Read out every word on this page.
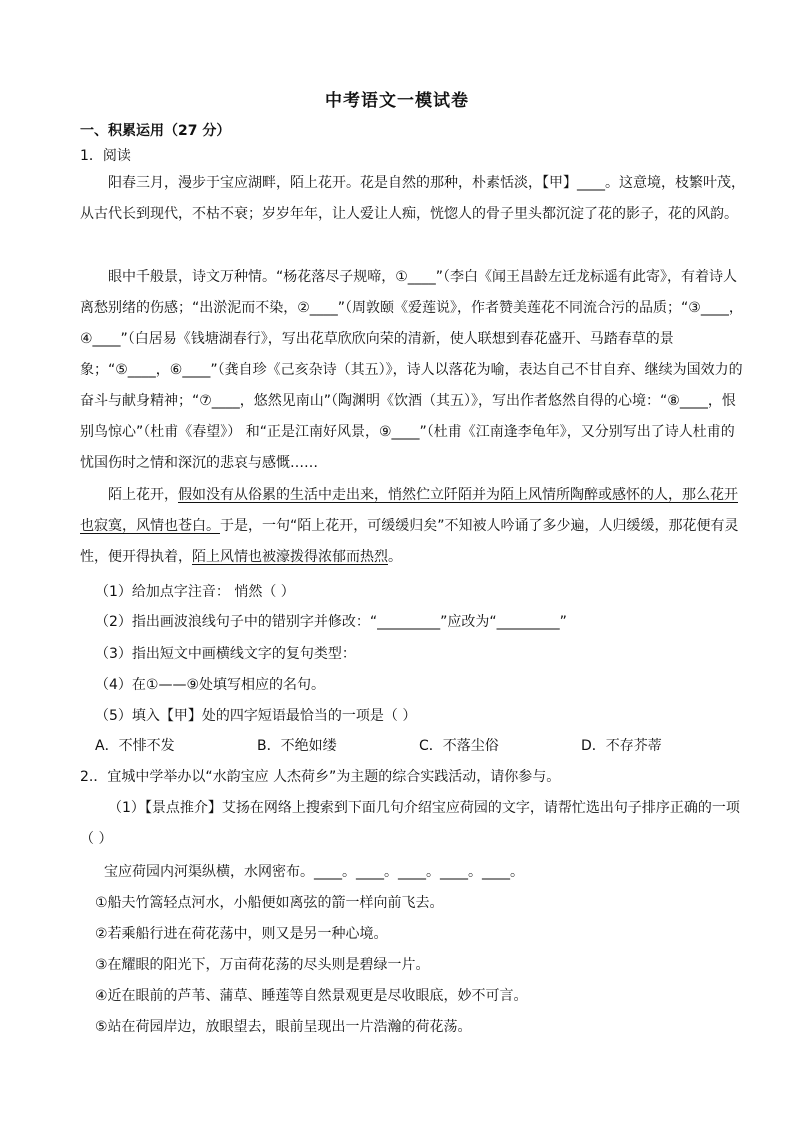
中考语文一模试卷
一、积累运用（27 分）
1．阅读
阳春三月，漫步于宝应湖畔，陌上花开。花是自然的那种，朴素恬淡，【甲】____。这意境，枝繁叶茂，从古代长到现代，不枯不衰；岁岁年年，让人爱让人痴，恍惚人的骨子里头都沉淀了花的影子，花的风韵。
眼中千般景，诗文万种情。“杨花落尽子规啼，①____”（李白《闻王昌龄左迁龙标遥有此寄》，有着诗人离愁别绪的伤感；“出淤泥而不染，②____”（周敦颐《爱莲说》，作者赞美莲花不同流合污的品质；“③____，④____”（白居易《钱塘湖春行》，写出花草欣欣向荣的清新，使人联想到春花盛开、马踏春草的景象；“⑤____，⑥____”（龚自珍《己亥杂诗（其五）》，诗人以落花为喻，表达自己不甘自弃、继续为国效力的奋斗与献身精神；“⑦____，悠然见南山”（陶渊明《饮酒（其五）》，写出作者悠然自得的心境：“⑧____，恨别鸟惊心”（杜甫《春望》） 和“正是江南好风景，⑨____”（杜甫《江南逢李龟年》，又分别写出了诗人杜甫的忧国伤时之情和深沉的悲哀与感慨……
陌上花开，假如没有从俗累的生活中走出来，悄然伫立阡陌并为陌上风情所陶醉或感怀的人，那么花开也寂寞，风情也苍白。于是，一句“陌上花开，可缓缓归矣”不知被人吟诵了多少遍，人归缓缓，那花便有灵性，便开得执着，陌上风情也被濠拨得浓郁而热烈。
（1）给加点字注音： 悄然（ ）
（2）指出画波浪线句子中的错别字并修改：“_________”应改为“_________”
（3）指出短文中画横线文字的复句类型：
（4）在①——⑨处填写相应的名句。
（5）填入【甲】处的四字短语最恰当的一项是（ ）
A．不悱不发	B．不绝如缕	C．不落尘俗	D．不存芥蒂
2.．宜城中学举办以“水韵宝应 人杰荷乡”为主题的综合实践活动，请你参与。
（1）【景点推介】艾扬在网络上搜索到下面几句介绍宝应荷园的文字，请帮忙选出句子排序正确的一项（ ）
宝应荷园内河渠纵横，水网密布。____。____。____。____。____。
①船夫竹篙轻点河水，小船便如离弦的箭一样向前飞去。
②若乘船行进在荷花荡中，则又是另一种心境。
③在耀眼的阳光下，万亩荷花荡的尽头则是碧绿一片。
④近在眼前的芦苇、蒲草、睡莲等自然景观更是尽收眼底，妙不可言。
⑤站在荷园岸边，放眼望去，眼前呈现出一片浩瀚的荷花荡。
